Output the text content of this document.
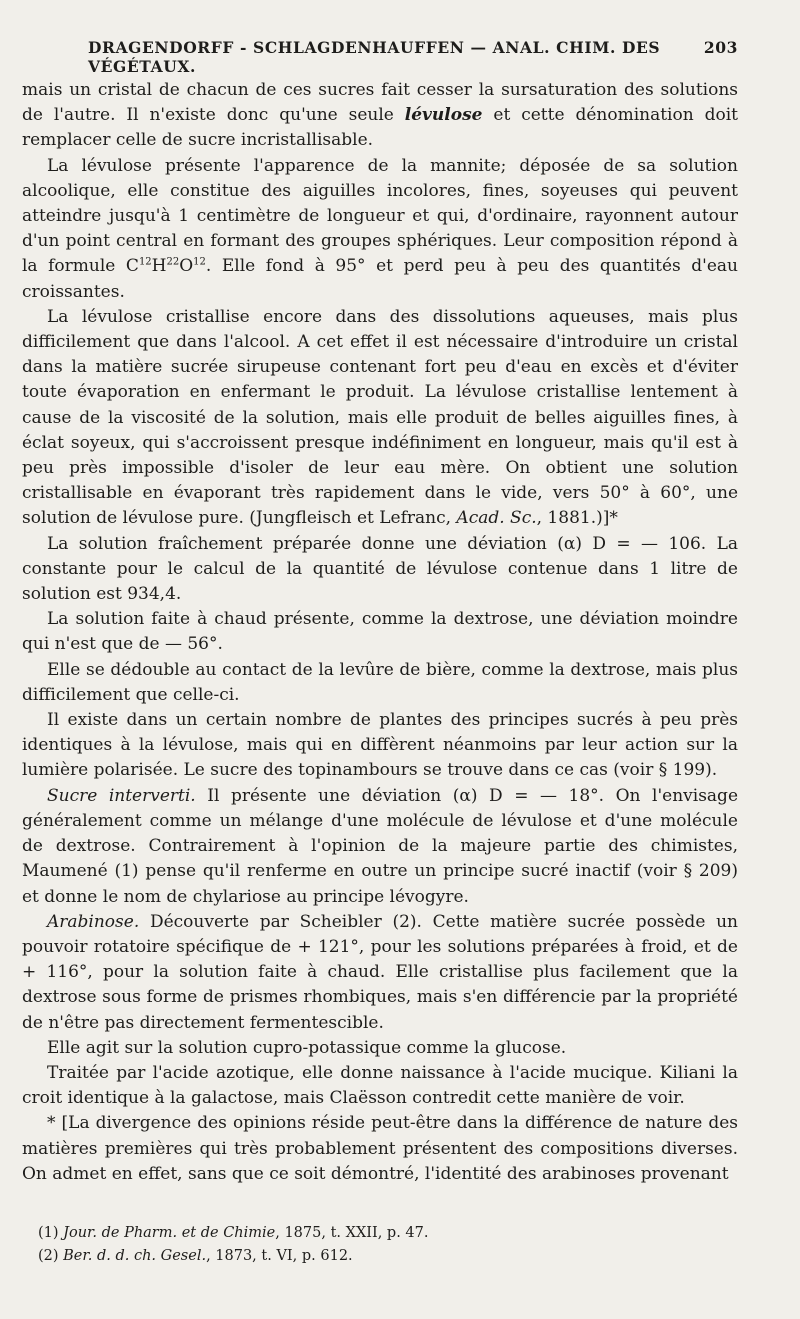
DRAGENDORFF - SCHLAGDENHAUFFEN — ANAL. CHIM. DES VÉGÉTAUX.
203

mais un cristal de chacun de ces sucres fait cesser la sursaturation des solutions de l'autre. Il n'existe donc qu'une seule lévulose et cette dénomination doit remplacer celle de sucre incristallisable.

La lévulose présente l'apparence de la mannite; déposée de sa solution alcoolique, elle constitue des aiguilles incolores, fines, soyeuses qui peuvent atteindre jusqu'à 1 centimètre de longueur et qui, d'ordinaire, rayonnent autour d'un point central en formant des groupes sphériques. Leur composition répond à la formule $C^{12}H^{22}O^{12}$. Elle fond à 95° et perd peu à peu des quantités d'eau croissantes.

La lévulose cristallise encore dans des dissolutions aqueuses, mais plus difficilement que dans l'alcool. A cet effet il est nécessaire d'introduire un cristal dans la matière sucrée sirupeuse contenant fort peu d'eau en excès et d'éviter toute évaporation en enfermant le produit. La lévulose cristallise lentement à cause de la viscosité de la solution, mais elle produit de belles aiguilles fines, à éclat soyeux, qui s'accroissent presque indéfiniment en longueur, mais qu'il est à peu près impossible d'isoler de leur eau mère. On obtient une solution cristallisable en évaporant très rapidement dans le vide, vers 50° à 60°, une solution de lévulose pure. (Jungfleisch et Lefranc, Acad. Sc., 1881.)]*

La solution fraîchement préparée donne une déviation (α) D = — 106. La constante pour le calcul de la quantité de lévulose contenue dans 1 litre de solution est 934,4.

La solution faite à chaud présente, comme la dextrose, une déviation moindre qui n'est que de — 56°.

Elle se dédouble au contact de la levûre de bière, comme la dextrose, mais plus difficilement que celle-ci.

Il existe dans un certain nombre de plantes des principes sucrés à peu près identiques à la lévulose, mais qui en diffèrent néanmoins par leur action sur la lumière polarisée. Le sucre des topinambours se trouve dans ce cas (voir § 199).

Sucre interverti. Il présente une déviation (α) D = — 18°. On l'envisage généralement comme un mélange d'une molécule de lévulose et d'une molécule de dextrose. Contrairement à l'opinion de la majeure partie des chimistes, Maumené (1) pense qu'il renferme en outre un principe sucré inactif (voir § 209) et donne le nom de chylariose au principe lévogyre.

Arabinose. Découverte par Scheibler (2). Cette matière sucrée possède un pouvoir rotatoire spécifique de + 121°, pour les solutions préparées à froid, et de + 116°, pour la solution faite à chaud. Elle cristallise plus facilement que la dextrose sous forme de prismes rhombiques, mais s'en différencie par la propriété de n'être pas directement fermentescible.

Elle agit sur la solution cupro-potassique comme la glucose.

Traitée par l'acide azotique, elle donne naissance à l'acide mucique. Kiliani la croit identique à la galactose, mais Claësson contredit cette manière de voir.

* [La divergence des opinions réside peut-être dans la différence de nature des matières premières qui très probablement présentent des compositions diverses. On admet en effet, sans que ce soit démontré, l'identité des arabinoses provenant

(1) Jour. de Pharm. et de Chimie, 1875, t. XXII, p. 47.
(2) Ber. d. d. ch. Gesel., 1873, t. VI, p. 612.
